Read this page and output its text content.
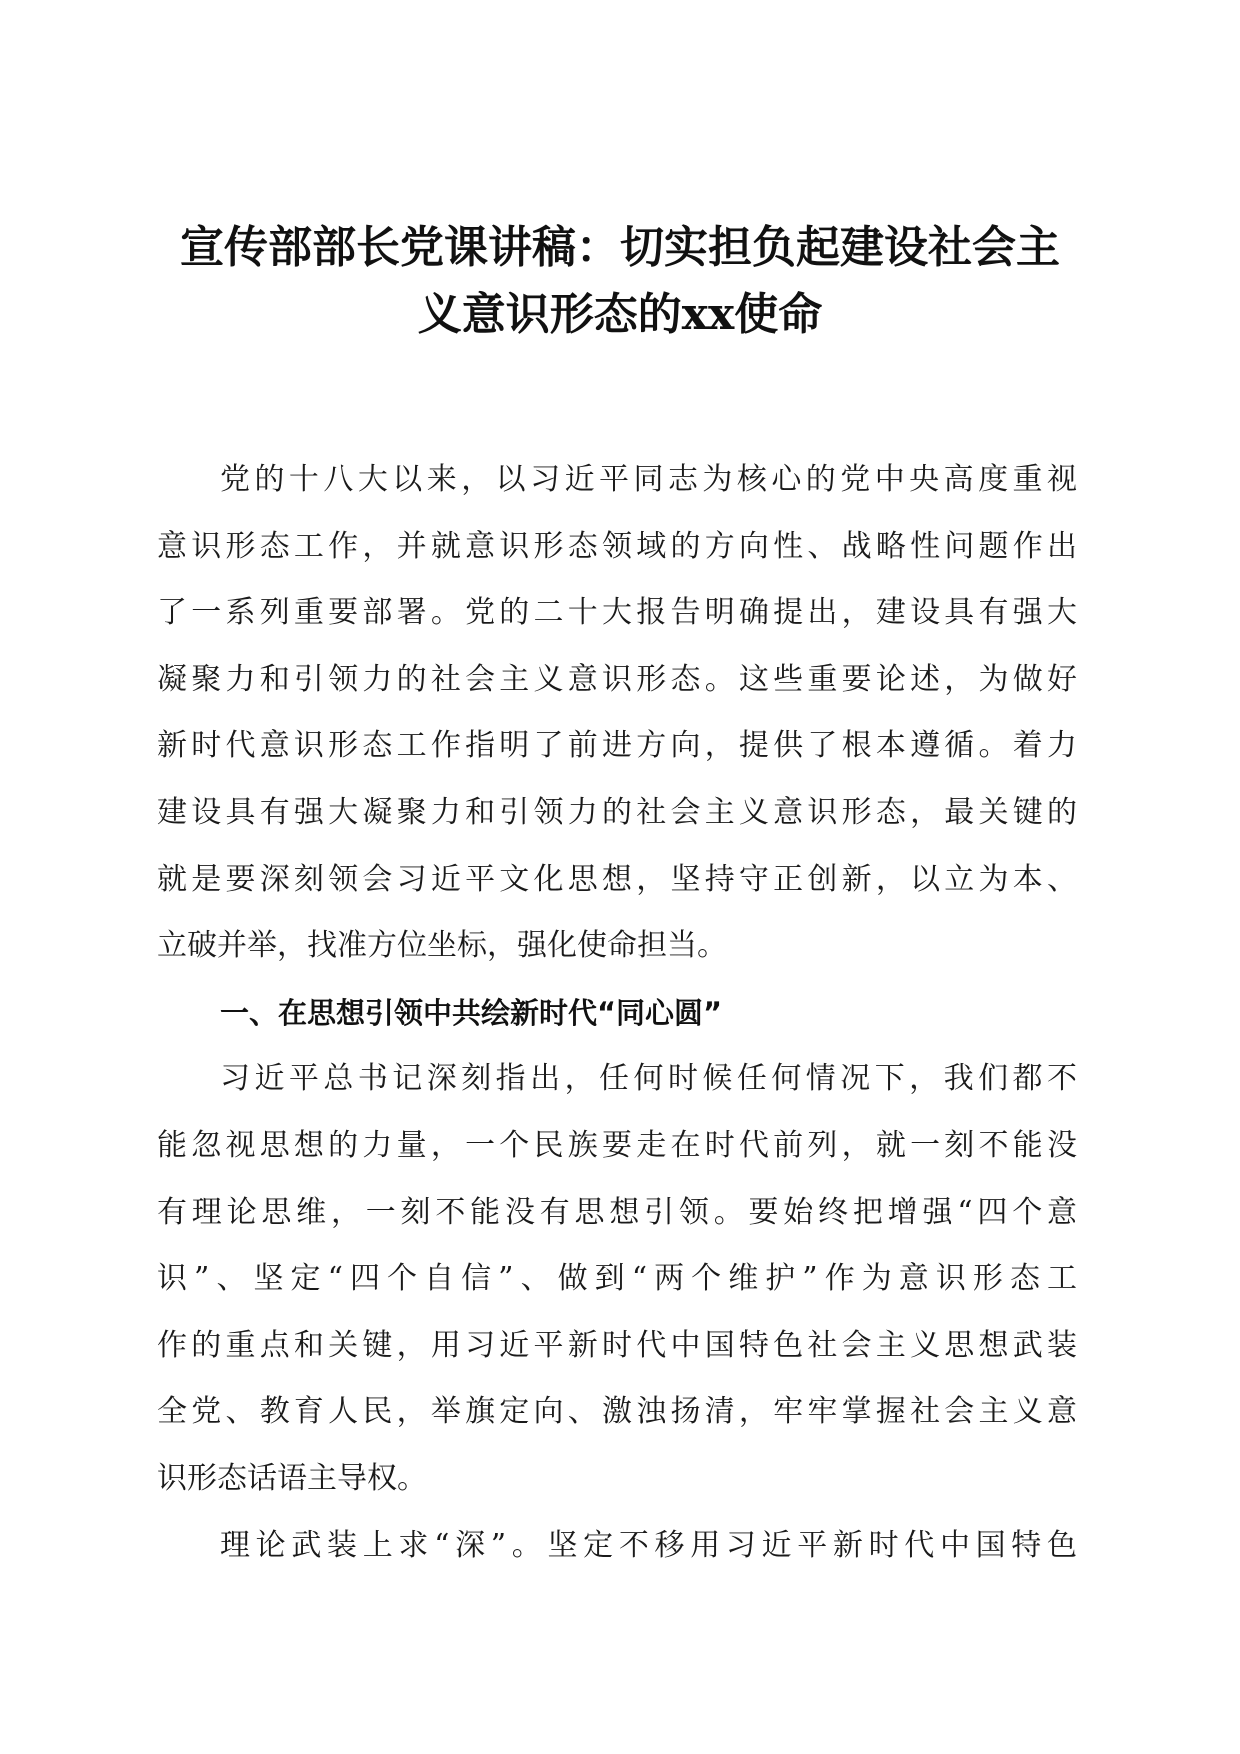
宣传部部长党课讲稿：切实担负起建设社会主
义意识形态的xx使命

党的十八大以来，以习近平同志为核心的党中央高度重视
意识形态工作，并就意识形态领域的方向性、战略性问题作出
了一系列重要部署。党的二十大报告明确提出，建设具有强大
凝聚力和引领力的社会主义意识形态。这些重要论述，为做好
新时代意识形态工作指明了前进方向，提供了根本遵循。着力
建设具有强大凝聚力和引领力的社会主义意识形态，最关键的
就是要深刻领会习近平文化思想，坚持守正创新，以立为本、
立破并举，找准方位坐标，强化使命担当。

一、在思想引领中共绘新时代“同心圆”

习近平总书记深刻指出，任何时候任何情况下，我们都不
能忽视思想的力量，一个民族要走在时代前列，就一刻不能没
有理论思维，一刻不能没有思想引领。要始终把增强“四个意
识”、坚定“四个自信”、做到“两个维护”作为意识形态工
作的重点和关键，用习近平新时代中国特色社会主义思想武装
全党、教育人民，举旗定向、激浊扬清，牢牢掌握社会主义意
识形态话语主导权。

理论武装上求“深”。坚定不移用习近平新时代中国特色
